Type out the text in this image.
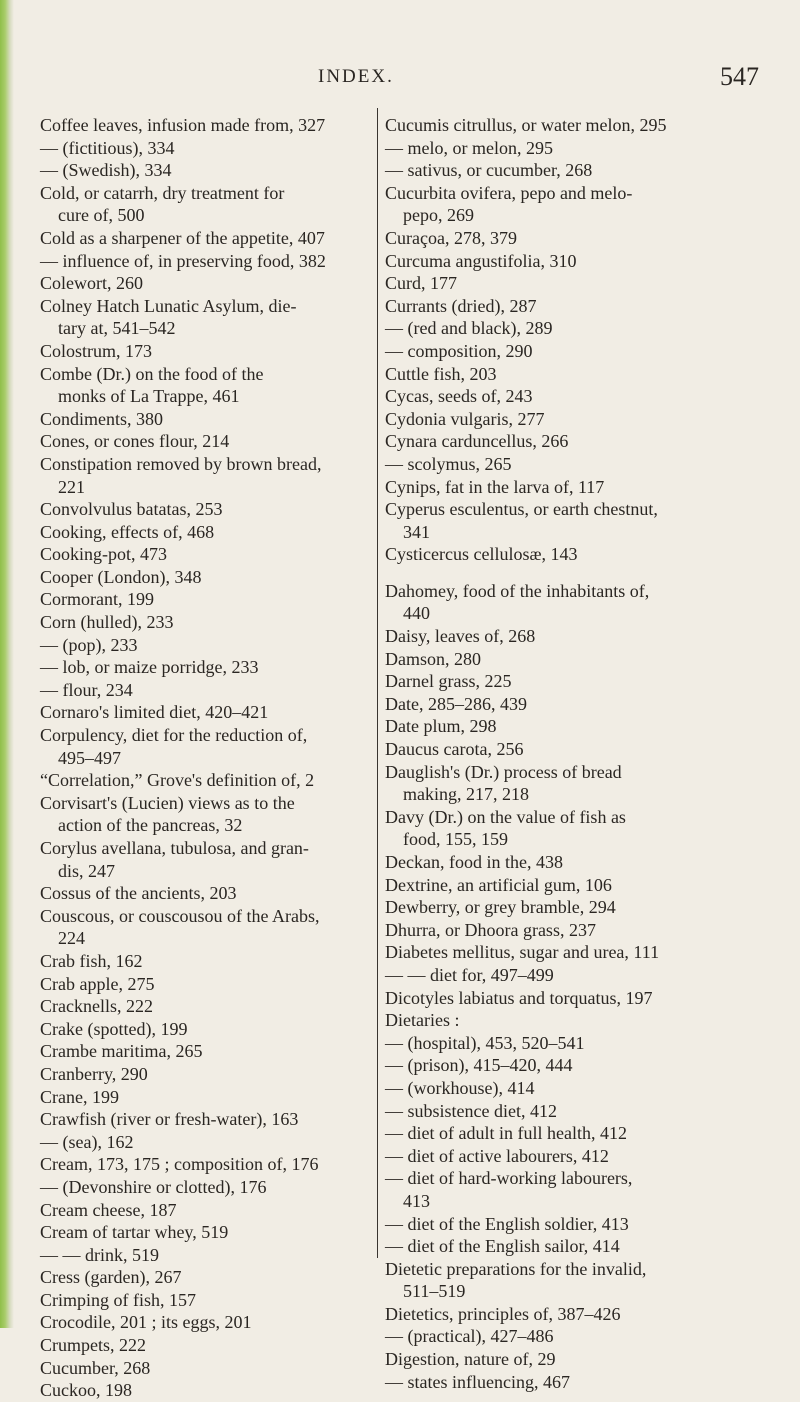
INDEX.	547
Coffee leaves, infusion made from, 327
— (fictitious), 334
— (Swedish), 334
Cold, or catarrh, dry treatment for
cure of, 500
Cold as a sharpener of the appetite, 407
— influence of, in preserving food, 382
Colewort, 260
Colney Hatch Lunatic Asylum, die-
tary at, 541–542
Colostrum, 173
Combe (Dr.) on the food of the
monks of La Trappe, 461
Condiments, 380
Cones, or cones flour, 214
Constipation removed by brown bread,
221
Convolvulus batatas, 253
Cooking, effects of, 468
Cooking-pot, 473
Cooper (London), 348
Cormorant, 199
Corn (hulled), 233
— (pop), 233
— lob, or maize porridge, 233
— flour, 234
Cornaro's limited diet, 420–421
Corpulency, diet for the reduction of,
495–497
“Correlation,” Grove's definition of, 2
Corvisart's (Lucien) views as to the
action of the pancreas, 32
Corylus avellana, tubulosa, and gran-
dis, 247
Cossus of the ancients, 203
Couscous, or couscousou of the Arabs,
224
Crab fish, 162
Crab apple, 275
Cracknells, 222
Crake (spotted), 199
Crambe maritima, 265
Cranberry, 290
Crane, 199
Crawfish (river or fresh-water), 163
— (sea), 162
Cream, 173, 175 ; composition of, 176
— (Devonshire or clotted), 176
Cream cheese, 187
Cream of tartar whey, 519
— — drink, 519
Cress (garden), 267
Crimping of fish, 157
Crocodile, 201 ; its eggs, 201
Crumpets, 222
Cucumber, 268
Cuckoo, 198
Cucumis citrullus, or water melon, 295
— melo, or melon, 295
— sativus, or cucumber, 268
Cucurbita ovifera, pepo and melo-
pepo, 269
Curaçoa, 278, 379
Curcuma angustifolia, 310
Curd, 177
Currants (dried), 287
— (red and black), 289
— composition, 290
Cuttle fish, 203
Cycas, seeds of, 243
Cydonia vulgaris, 277
Cynara carduncellus, 266
— scolymus, 265
Cynips, fat in the larva of, 117
Cyperus esculentus, or earth chestnut,
341
Cysticercus cellulosæ, 143
Dahomey, food of the inhabitants of,
440
Daisy, leaves of, 268
Damson, 280
Darnel grass, 225
Date, 285–286, 439
Date plum, 298
Daucus carota, 256
Dauglish's (Dr.) process of bread
making, 217, 218
Davy (Dr.) on the value of fish as
food, 155, 159
Deckan, food in the, 438
Dextrine, an artificial gum, 106
Dewberry, or grey bramble, 294
Dhurra, or Dhoora grass, 237
Diabetes mellitus, sugar and urea, 111
— — diet for, 497–499
Dicotyles labiatus and torquatus, 197
Dietaries :
— (hospital), 453, 520–541
— (prison), 415–420, 444
— (workhouse), 414
— subsistence diet, 412
— diet of adult in full health, 412
— diet of active labourers, 412
— diet of hard-working labourers,
413
— diet of the English soldier, 413
— diet of the English sailor, 414
Dietetic preparations for the invalid,
511–519
Dietetics, principles of, 387–426
— (practical), 427–486
Digestion, nature of, 29
— states influencing, 467
